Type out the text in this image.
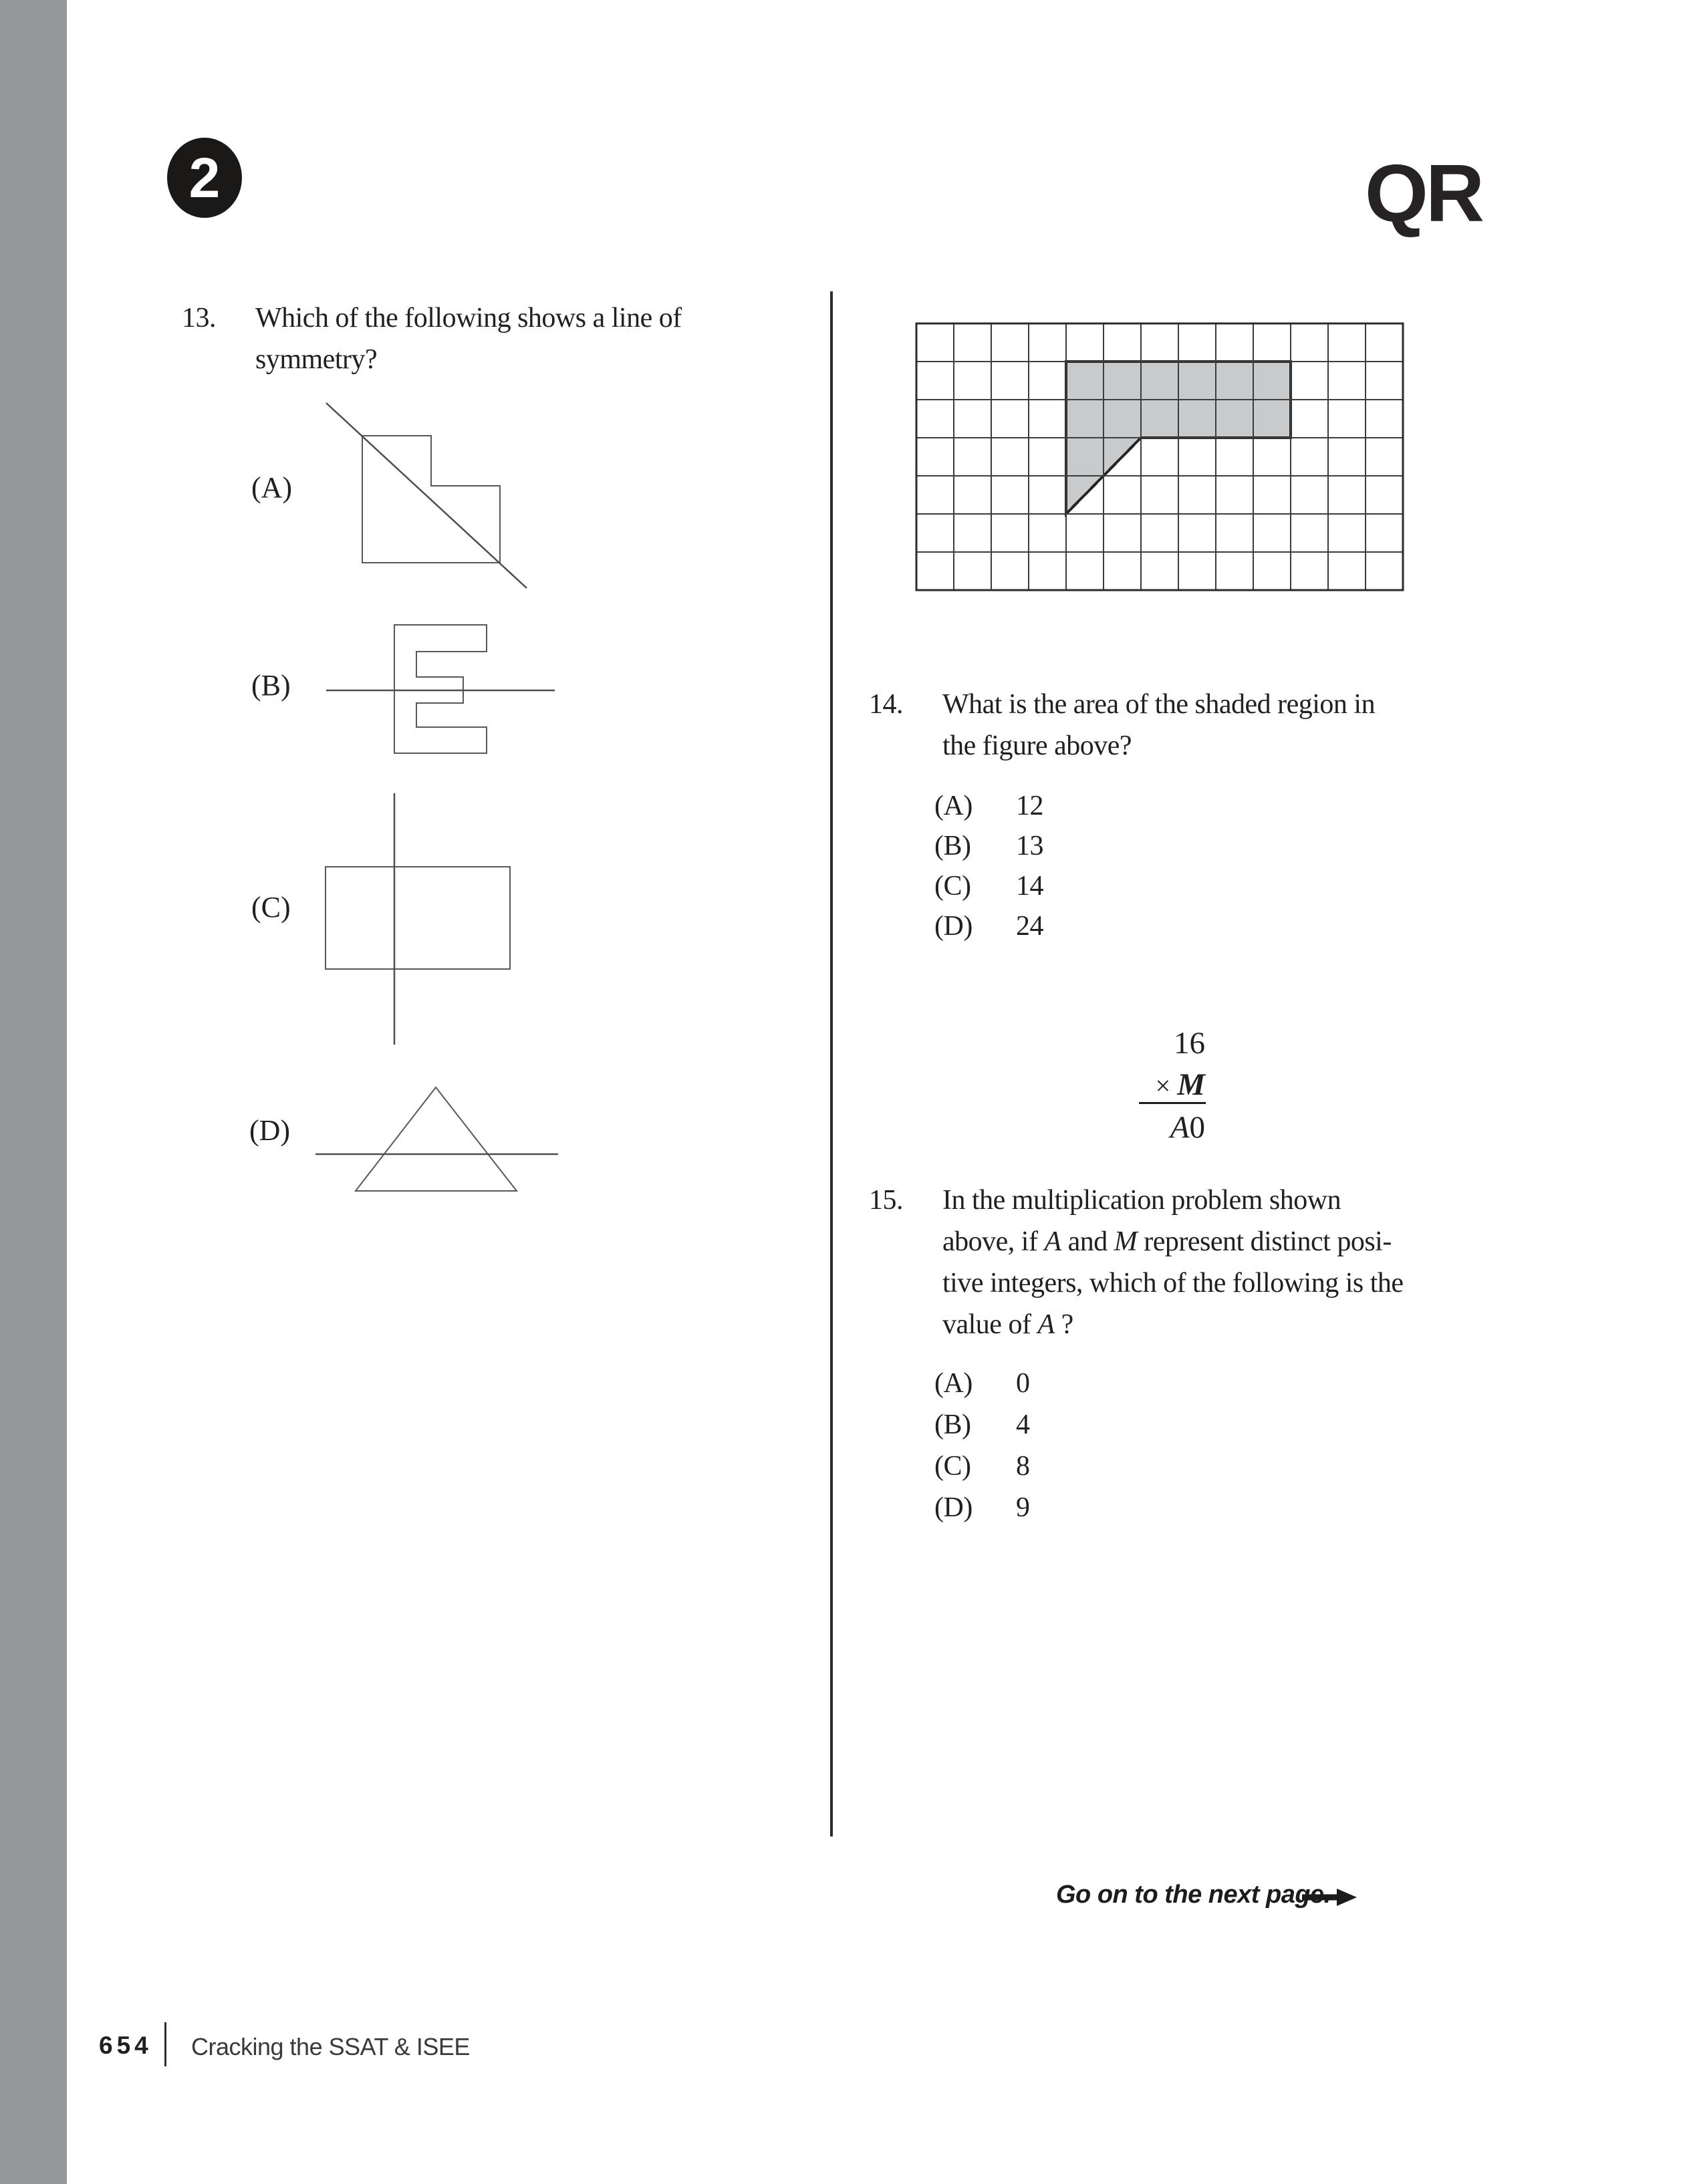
2	QR
13. Which of the following shows a line of
symmetry?
(A)
(B)
(C)
(D)
14. What is the area of the shaded region in
the figure above?
(A) 12
(B) 13
(C) 14
(D) 24
16
× M
A0
15. In the multiplication problem shown
above, if A and M represent distinct posi-
tive integers, which of the following is the
value of A ?
(A) 0
(B) 4
(C) 8
(D) 9
Go on to the next page.
654 Cracking the SSAT & ISEE
